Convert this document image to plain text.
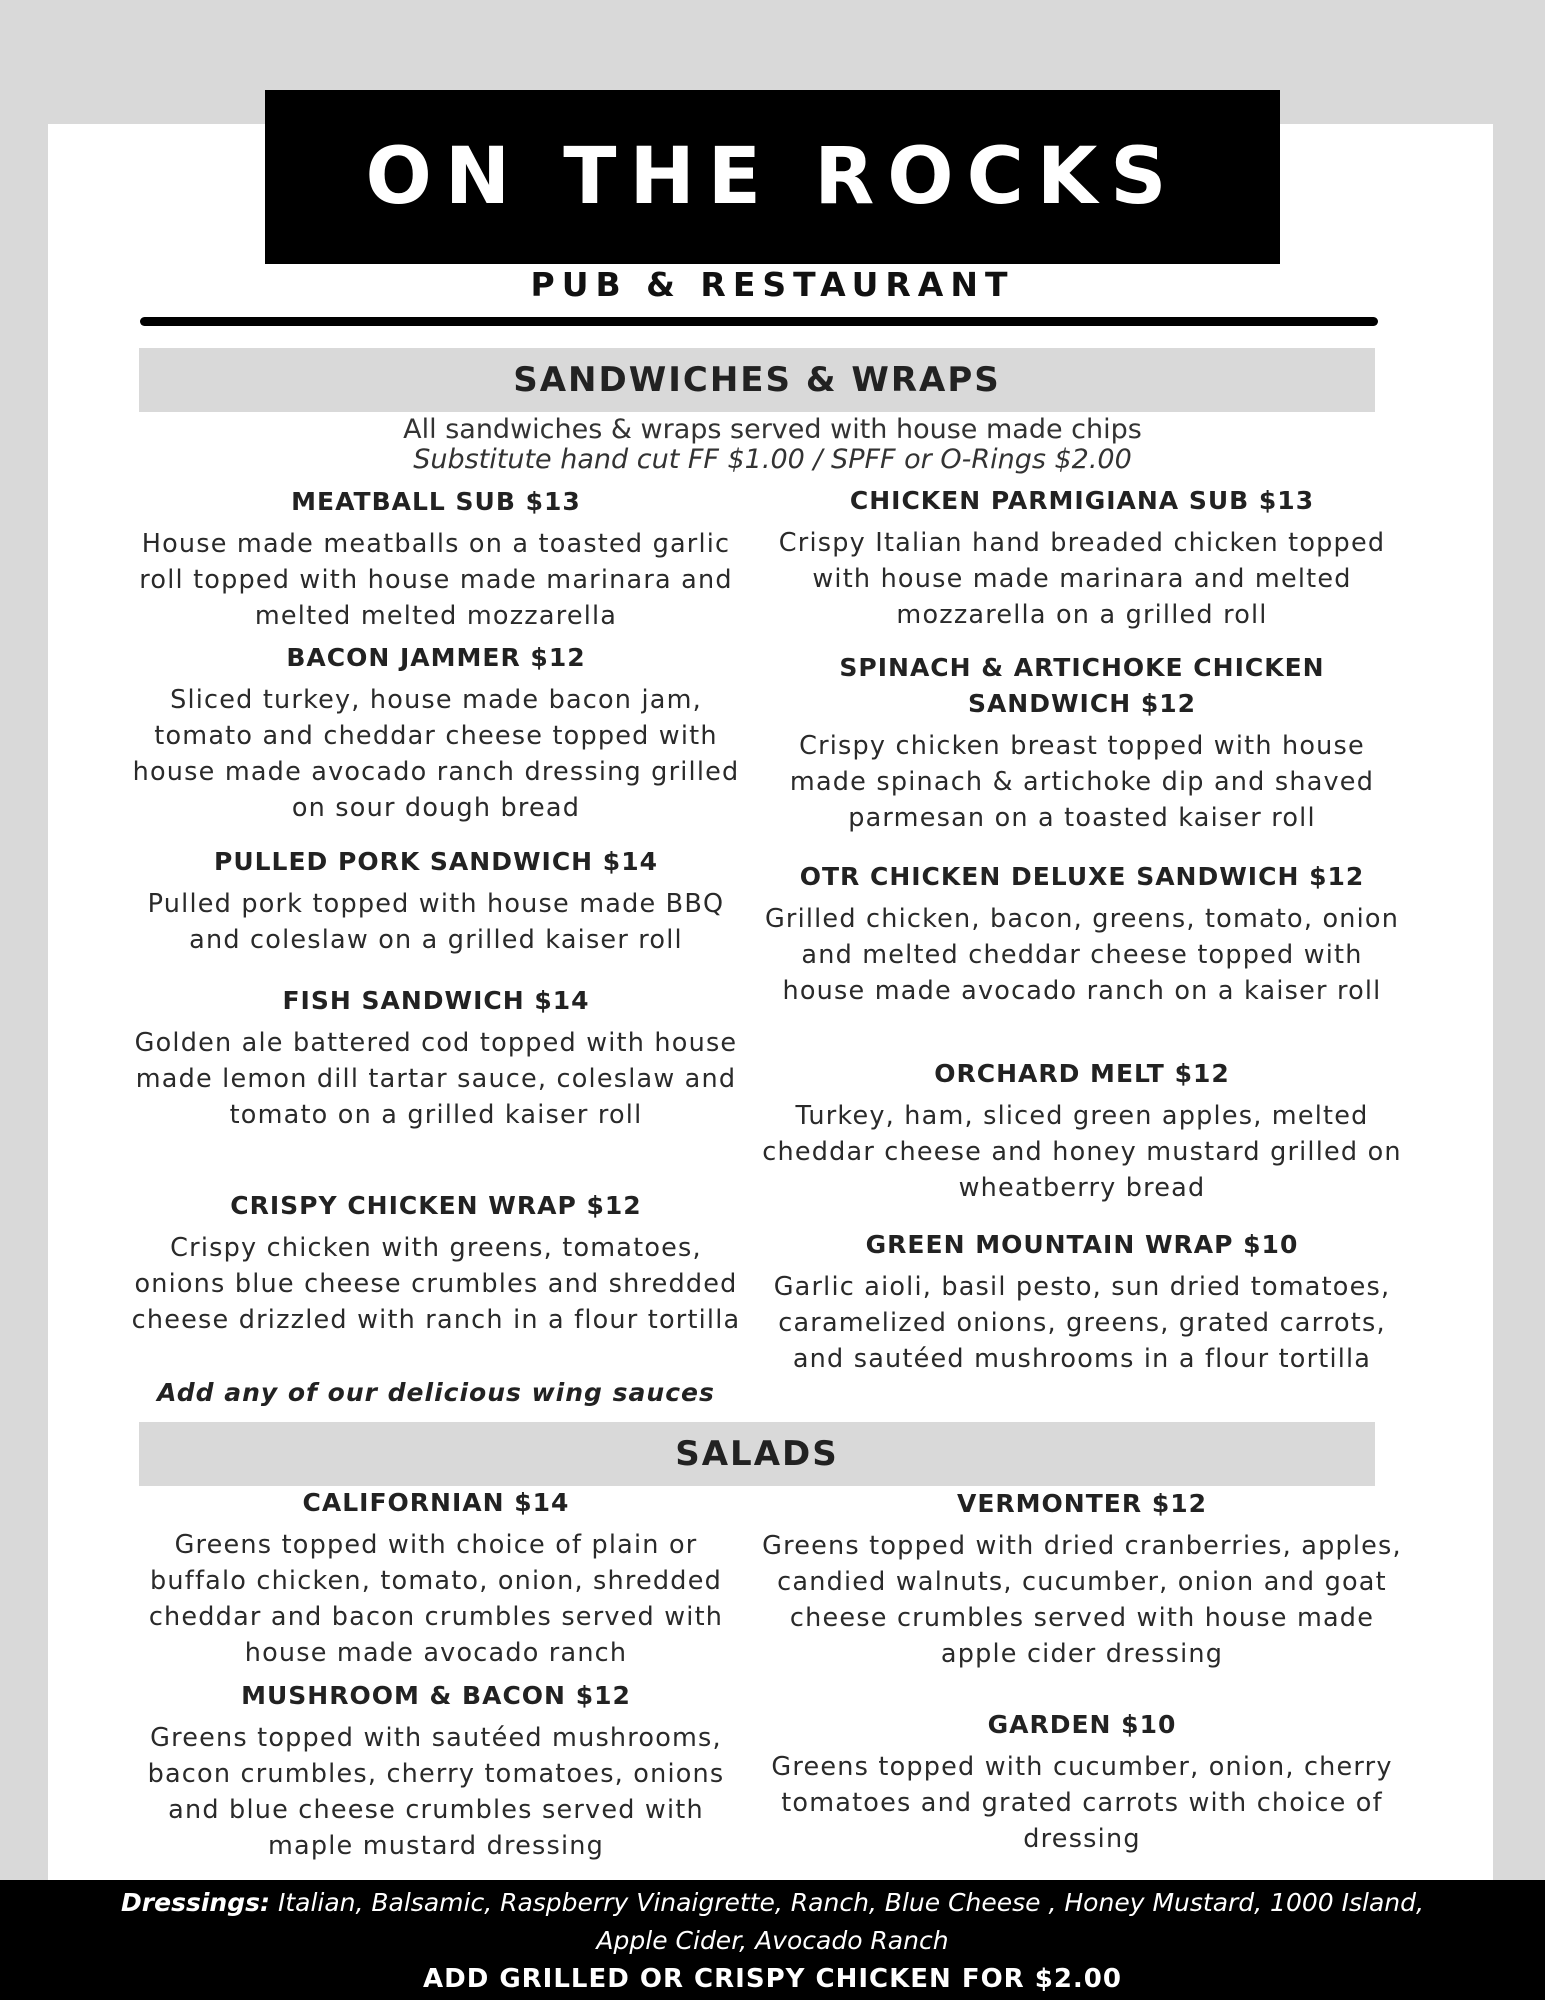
ON THE ROCKS
PUB & RESTAURANT
SANDWICHES & WRAPS
All sandwiches & wraps served with house made chips
Substitute hand cut FF $1.00 / SPFF or O-Rings $2.00
MEATBALL SUB $13
House made meatballs on a toasted garlic roll topped with house made marinara and melted melted mozzarella
BACON JAMMER $12
Sliced turkey, house made bacon jam, tomato and cheddar cheese topped with house made avocado ranch dressing grilled on sour dough bread
PULLED PORK SANDWICH $14
Pulled pork topped with house made BBQ and coleslaw on a grilled kaiser roll
FISH SANDWICH $14
Golden ale battered cod topped with house made lemon dill tartar sauce, coleslaw and tomato on a grilled kaiser roll
CRISPY CHICKEN WRAP $12
Crispy chicken with greens, tomatoes, onions blue cheese crumbles and shredded cheese drizzled with ranch in a flour tortilla
Add any of our delicious wing sauces
CHICKEN PARMIGIANA SUB $13
Crispy Italian hand breaded chicken topped with house made marinara and melted mozzarella on a grilled roll
SPINACH & ARTICHOKE CHICKEN SANDWICH $12
Crispy chicken breast topped with house made spinach & artichoke dip and shaved parmesan on a toasted kaiser roll
OTR CHICKEN DELUXE SANDWICH $12
Grilled chicken, bacon, greens, tomato, onion and melted cheddar cheese topped with house made avocado ranch on a kaiser roll
ORCHARD MELT $12
Turkey, ham, sliced green apples, melted cheddar cheese and honey mustard grilled on wheatberry bread
GREEN MOUNTAIN WRAP $10
Garlic aioli, basil pesto, sun dried tomatoes, caramelized onions, greens, grated carrots, and sautéed mushrooms in a flour tortilla
SALADS
CALIFORNIAN $14
Greens topped with choice of plain or buffalo chicken, tomato, onion, shredded cheddar and bacon crumbles served with house made avocado ranch
MUSHROOM & BACON $12
Greens topped with sautéed mushrooms, bacon crumbles, cherry tomatoes, onions and blue cheese crumbles served with maple mustard dressing
VERMONTER $12
Greens topped with dried cranberries, apples, candied walnuts, cucumber, onion and goat cheese crumbles served with house made apple cider dressing
GARDEN $10
Greens topped with cucumber, onion, cherry tomatoes and grated carrots with choice of dressing
Dressings: Italian, Balsamic, Raspberry Vinaigrette, Ranch, Blue Cheese , Honey Mustard, 1000 Island,
Apple Cider, Avocado Ranch
ADD GRILLED OR CRISPY CHICKEN FOR $2.00
